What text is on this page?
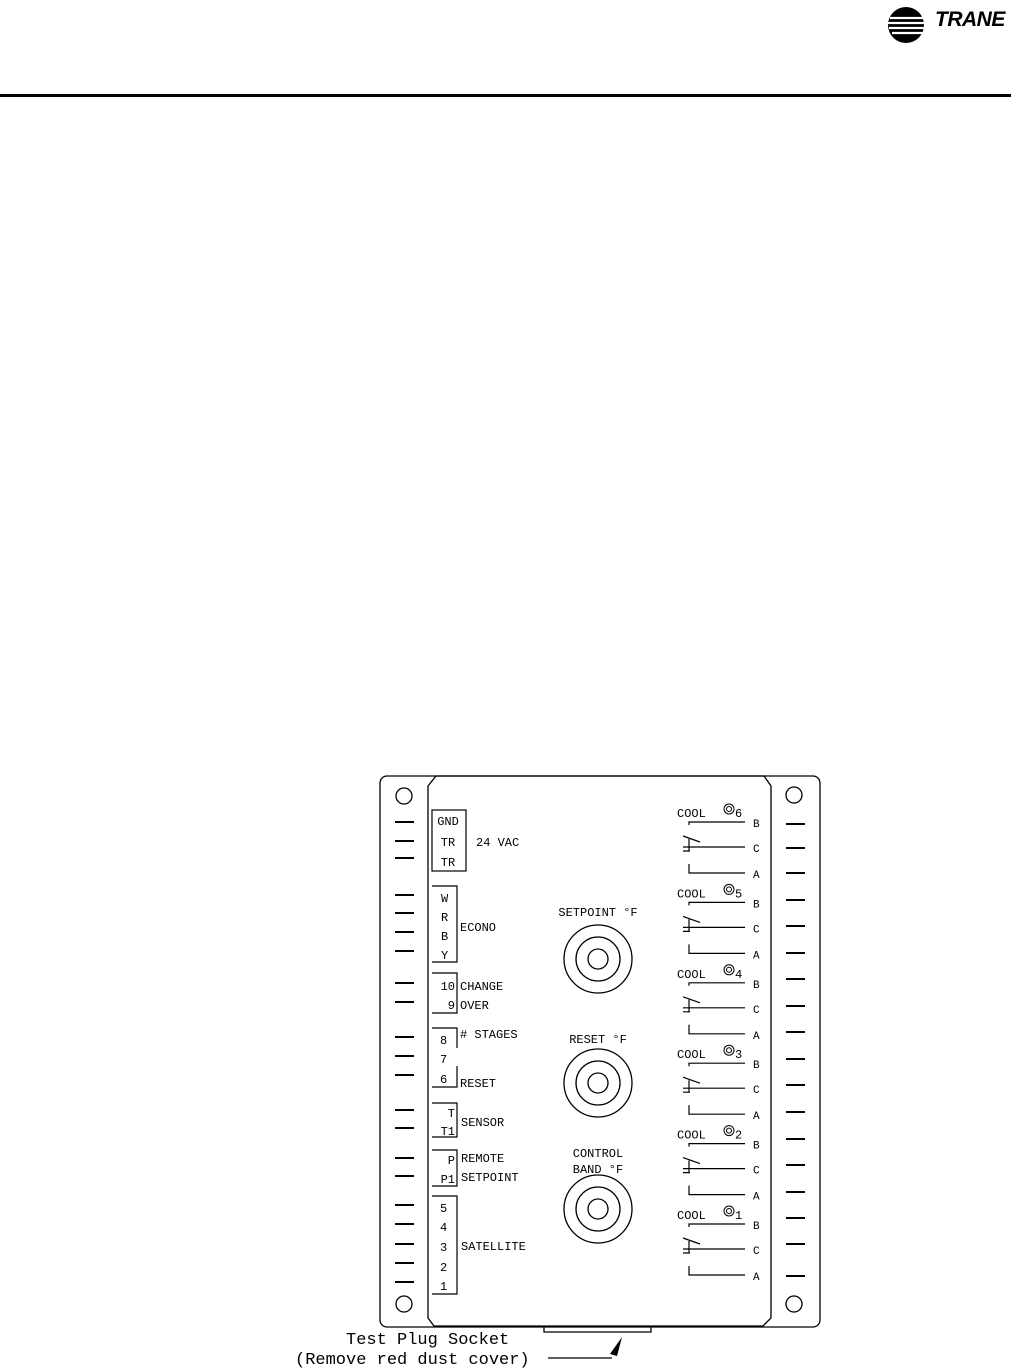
TRANE
GND
TR
TR
24 VAC
W
R
B
Y
ECONO
10
9
CHANGE
OVER
8
7
6
# STAGES
RESET
T
T1
SENSOR
P
P1
REMOTE
SETPOINT
5
4
3
2
1
SATELLITE
SETPOINT °F
RESET °F
CONTROL
BAND °F
COOL 6
B
C
A
COOL 5
B
C
A
COOL 4
B
C
A
COOL 3
B
C
A
COOL 2
B
C
A
COOL 1
B
C
A
Test Plug Socket
(Remove red dust cover)
